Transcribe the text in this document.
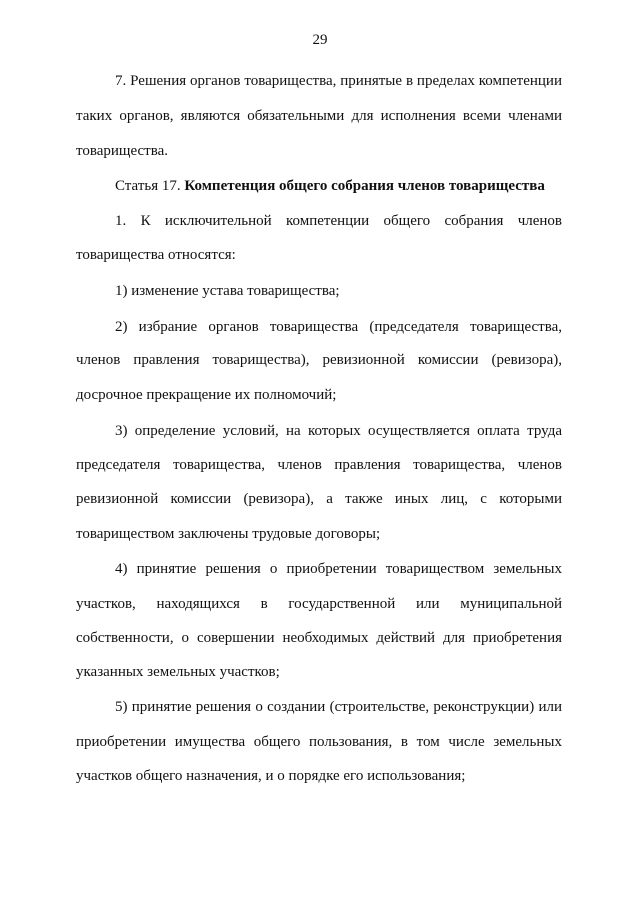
29
7. Решения органов товарищества, принятые в пределах компетенции
таких органов, являются обязательными для исполнения всеми членами
товарищества.
Статья 17. Компетенция общего собрания членов товарищества
1. К исключительной компетенции общего собрания членов
товарищества относятся:
1) изменение устава товарищества;
2) избрание органов товарищества (председателя товарищества,
членов правления товарищества), ревизионной комиссии (ревизора),
досрочное прекращение их полномочий;
3) определение условий, на которых осуществляется оплата труда
председателя товарищества, членов правления товарищества, членов
ревизионной комиссии (ревизора), а также иных лиц, с которыми
товариществом заключены трудовые договоры;
4) принятие решения о приобретении товариществом земельных
участков, находящихся в государственной или муниципальной
собственности, о совершении необходимых действий для приобретения
указанных земельных участков;
5) принятие решения о создании (строительстве, реконструкции) или
приобретении имущества общего пользования, в том числе земельных
участков общего назначения, и о порядке его использования;
